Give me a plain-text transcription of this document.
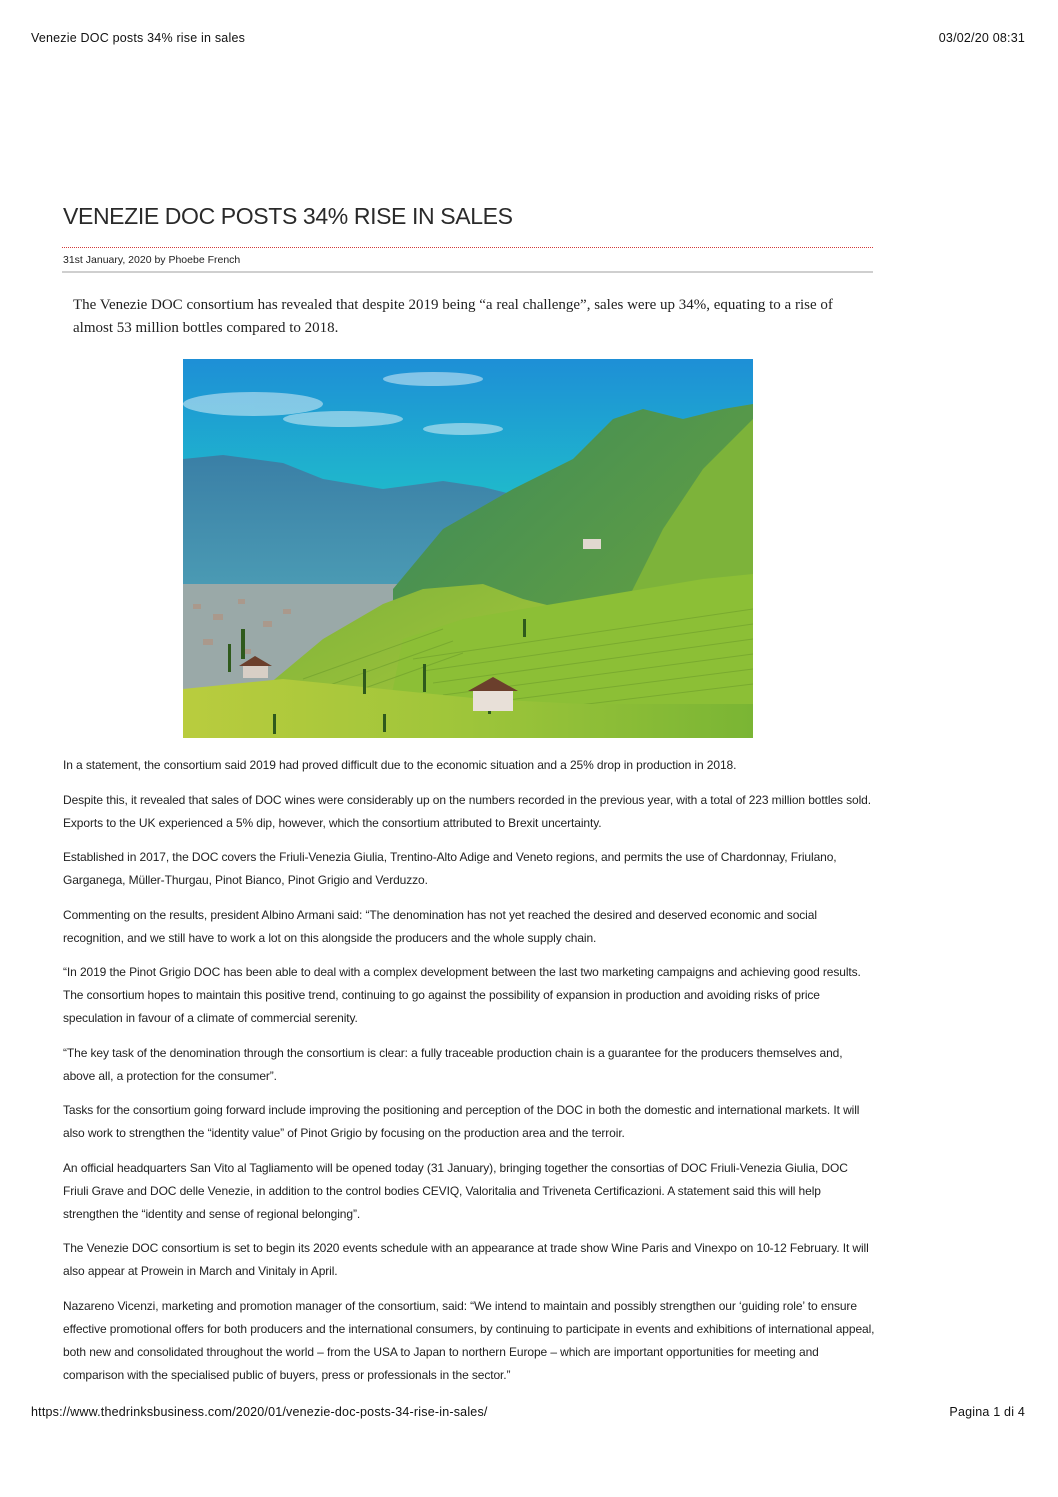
Venezie DOC posts 34% rise in sales	03/02/20 08:31
VENEZIE DOC POSTS 34% RISE IN SALES
31st January, 2020 by Phoebe French

The Venezie DOC consortium has revealed that despite 2019 being “a real challenge”, sales were up 34%, equating to a rise of almost 53 million bottles compared to 2018.

In a statement, the consortium said 2019 had proved difficult due to the economic situation and a 25% drop in production in 2018.

Despite this, it revealed that sales of DOC wines were considerably up on the numbers recorded in the previous year, with a total of 223 million bottles sold. Exports to the UK experienced a 5% dip, however, which the consortium attributed to Brexit uncertainty.

Established in 2017, the DOC covers the Friuli-Venezia Giulia, Trentino-Alto Adige and Veneto regions, and permits the use of Chardonnay, Friulano, Garganega, Müller-Thurgau, Pinot Bianco, Pinot Grigio and Verduzzo.

Commenting on the results, president Albino Armani said: “The denomination has not yet reached the desired and deserved economic and social recognition, and we still have to work a lot on this alongside the producers and the whole supply chain.

“In 2019 the Pinot Grigio DOC has been able to deal with a complex development between the last two marketing campaigns and achieving good results. The consortium hopes to maintain this positive trend, continuing to go against the possibility of expansion in production and avoiding risks of price speculation in favour of a climate of commercial serenity.

“The key task of the denomination through the consortium is clear: a fully traceable production chain is a guarantee for the producers themselves and, above all, a protection for the consumer”.

Tasks for the consortium going forward include improving the positioning and perception of the DOC in both the domestic and international markets. It will also work to strengthen the “identity value” of Pinot Grigio by focusing on the production area and the terroir.

An official headquarters San Vito al Tagliamento will be opened today (31 January), bringing together the consortias of DOC Friuli-Venezia Giulia, DOC Friuli Grave and DOC delle Venezie, in addition to the control bodies CEVIQ, Valoritalia and Triveneta Certificazioni. A statement said this will help strengthen the “identity and sense of regional belonging”.

The Venezie DOC consortium is set to begin its 2020 events schedule with an appearance at trade show Wine Paris and Vinexpo on 10-12 February. It will also appear at Prowein in March and Vinitaly in April.

Nazareno Vicenzi, marketing and promotion manager of the consortium, said: “We intend to maintain and possibly strengthen our ‘guiding role’ to ensure effective promotional offers for both producers and the international consumers, by continuing to participate in events and exhibitions of international appeal, both new and consolidated throughout the world – from the USA to Japan to northern Europe – which are important opportunities for meeting and comparison with the specialised public of buyers, press or professionals in the sector.”

https://www.thedrinksbusiness.com/2020/01/venezie-doc-posts-34-rise-in-sales/	Pagina 1 di 4
